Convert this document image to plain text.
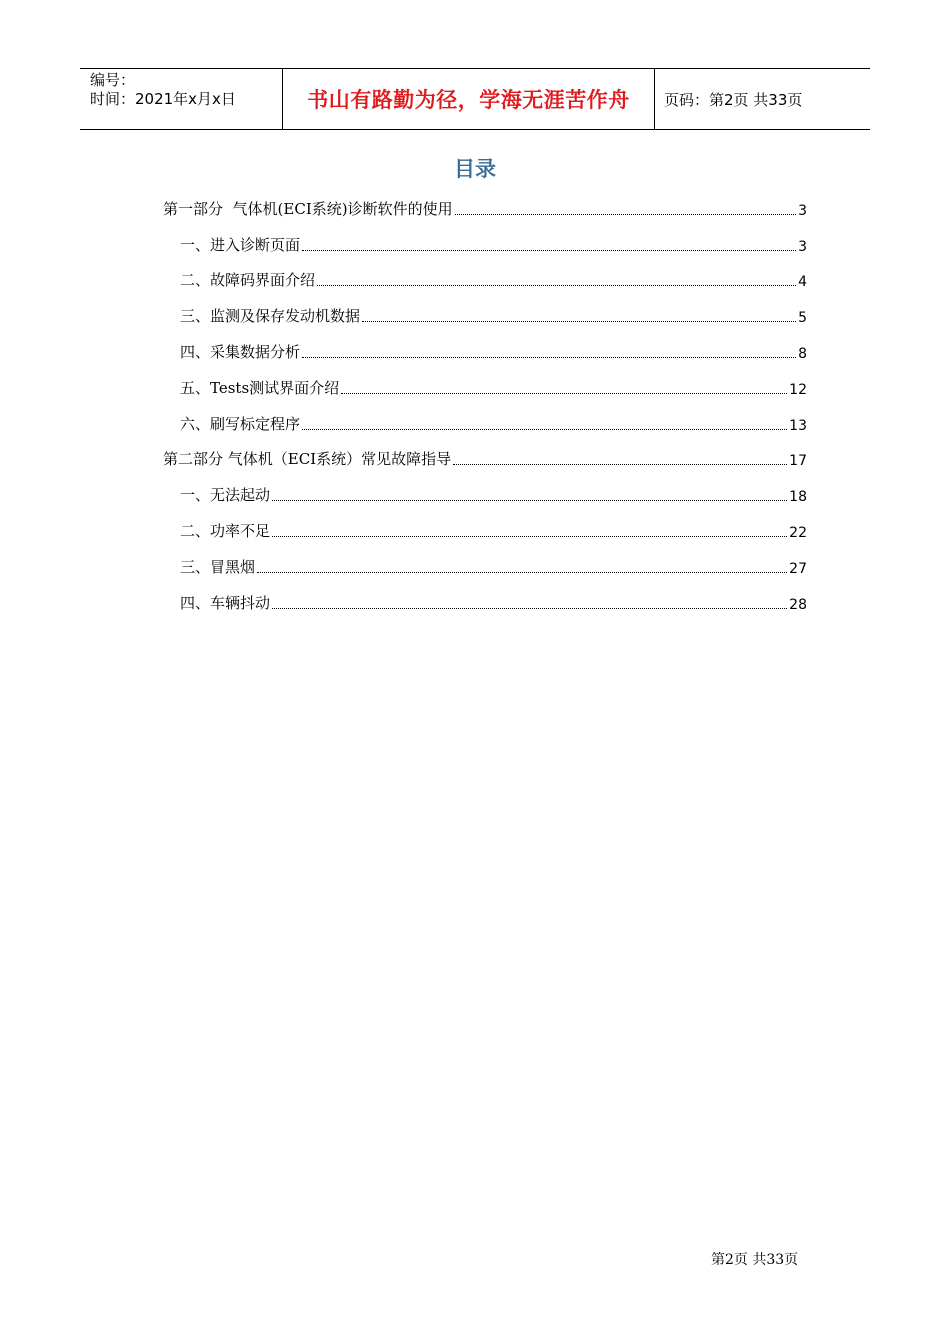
编号：
时间：2021年x月x日	书山有路勤为径，学海无涯苦作舟	页码：第2页 共33页
目录
第一部分  气体机(ECI系统)诊断软件的使用	3
一、进入诊断页面	3
二、故障码界面介绍	4
三、监测及保存发动机数据	5
四、采集数据分析	8
五、Tests测试界面介绍	12
六、刷写标定程序	13
第二部分 气体机（ECI系统）常见故障指导	17
一、无法起动	18
二、功率不足	22
三、冒黑烟	27
四、车辆抖动	28
第2页 共33页
